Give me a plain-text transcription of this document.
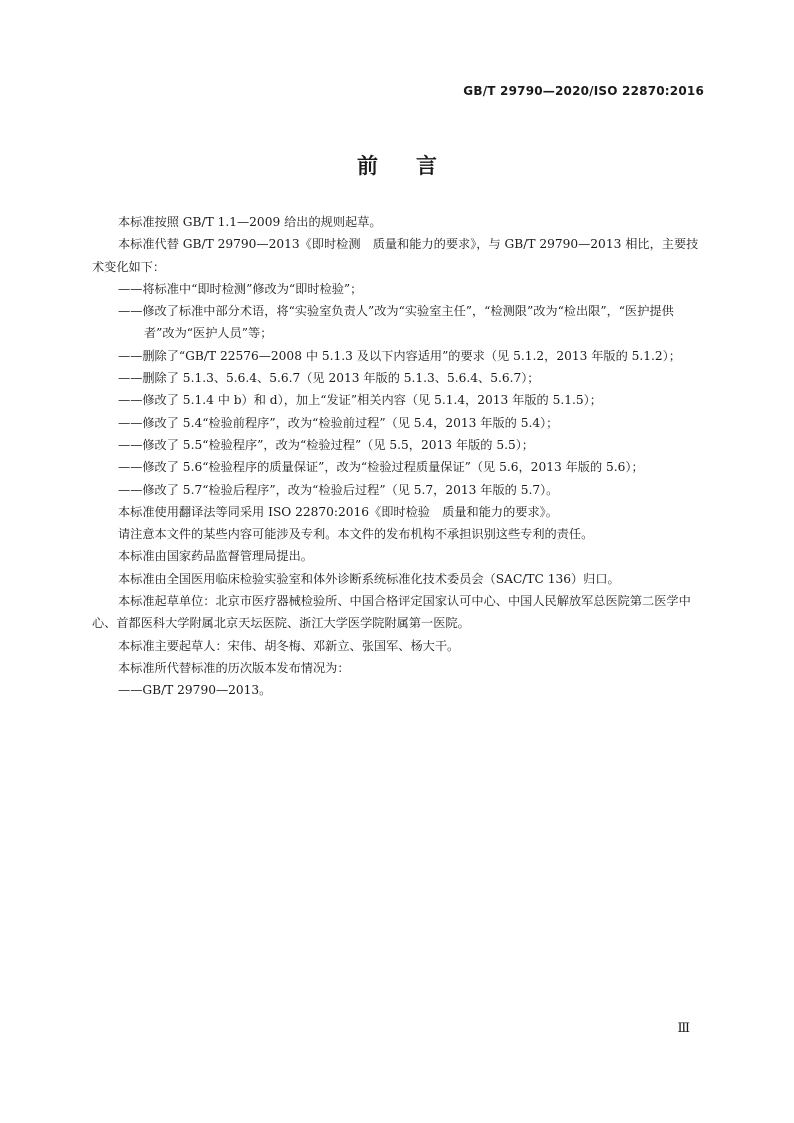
GB/T 29790—2020/ISO 22870:2016
前言

本标准按照 GB/T 1.1—2009 给出的规则起草。

本标准代替 GB/T 29790—2013《即时检测　质量和能力的要求》，与 GB/T 29790—2013 相比，主要技术变化如下：

——将标准中“即时检测”修改为“即时检验”；

——修改了标准中部分术语，将“实验室负责人”改为“实验室主任”，“检测限”改为“检出限”，“医护提供者”改为“医护人员”等；

——删除了“GB/T 22576—2008 中 5.1.3 及以下内容适用”的要求（见 5.1.2，2013 年版的 5.1.2）；

——删除了 5.1.3、5.6.4、5.6.7（见 2013 年版的 5.1.3、5.6.4、5.6.7）；

——修改了 5.1.4 中 b）和 d），加上“发证”相关内容（见 5.1.4，2013 年版的 5.1.5）；

——修改了 5.4“检验前程序”，改为“检验前过程”（见 5.4，2013 年版的 5.4）；

——修改了 5.5“检验程序”，改为“检验过程”（见 5.5，2013 年版的 5.5）；

——修改了 5.6“检验程序的质量保证”，改为“检验过程质量保证”（见 5.6，2013 年版的 5.6）；

——修改了 5.7“检验后程序”，改为“检验后过程”（见 5.7，2013 年版的 5.7）。

本标准使用翻译法等同采用 ISO 22870:2016《即时检验　质量和能力的要求》。

请注意本文件的某些内容可能涉及专利。本文件的发布机构不承担识别这些专利的责任。

本标准由国家药品监督管理局提出。

本标准由全国医用临床检验实验室和体外诊断系统标准化技术委员会（SAC/TC 136）归口。

本标准起草单位：北京市医疗器械检验所、中国合格评定国家认可中心、中国人民解放军总医院第二医学中心、首都医科大学附属北京天坛医院、浙江大学医学院附属第一医院。

本标准主要起草人：宋伟、胡冬梅、邓新立、张国军、杨大干。

本标准所代替标准的历次版本发布情况为：

——GB/T 29790—2013。

Ⅲ
